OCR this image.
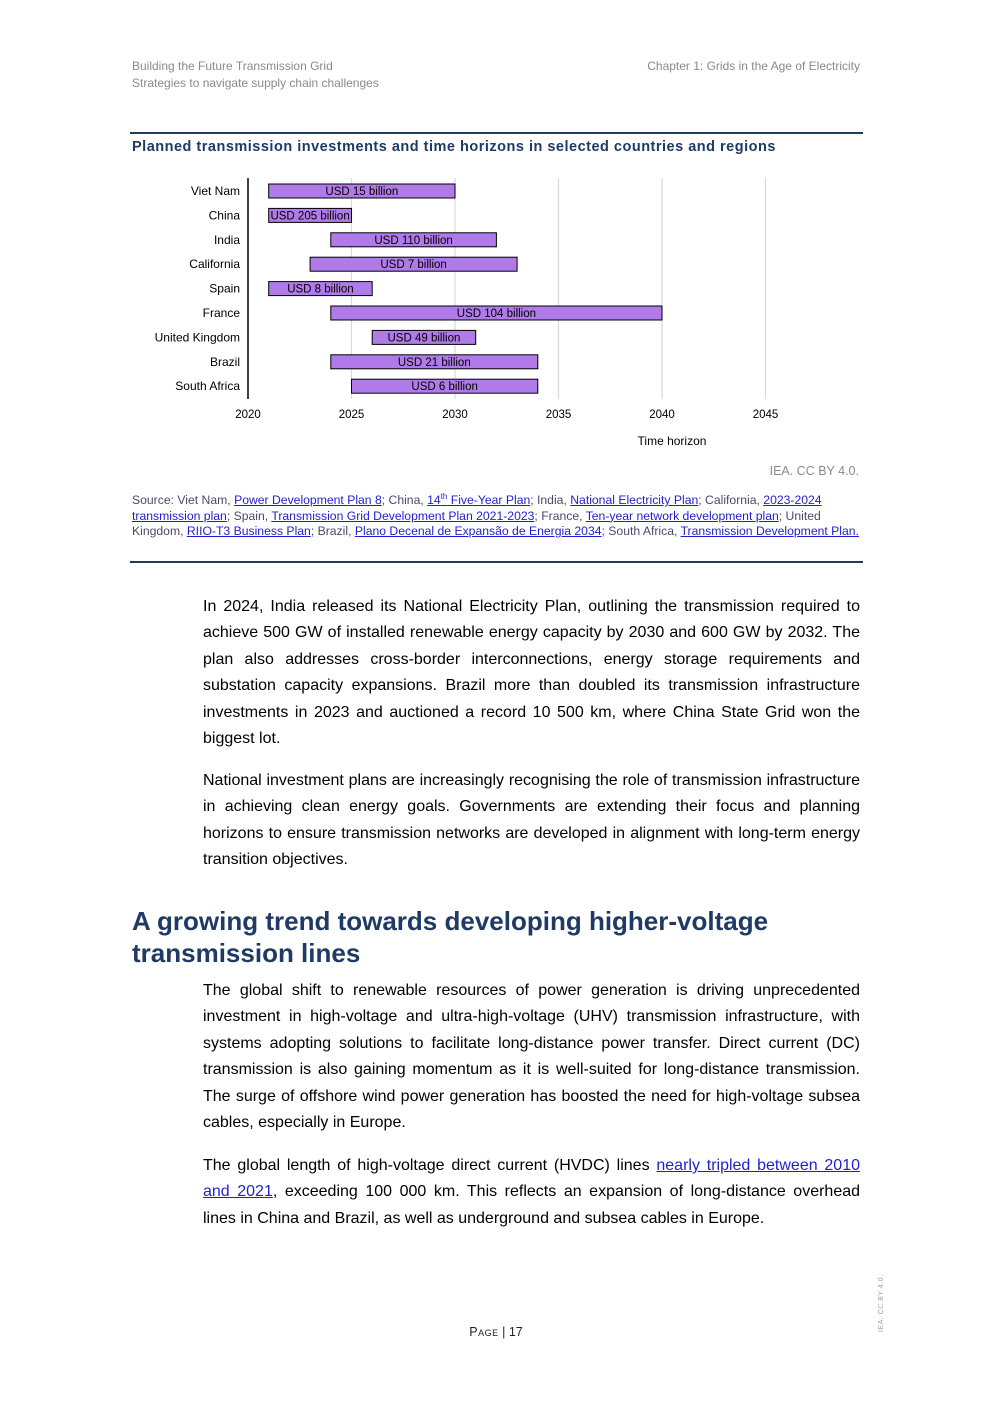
Building the Future Transmission Grid
Strategies to navigate supply chain challenges
Chapter 1: Grids in the Age of Electricity
Planned transmission investments and time horizons in selected countries and regions
2020	2025	2030	2035	2040	2045
Time horizon
Viet Nam	USD 15 billion
China	USD 205 billion
India	USD 110 billion
California	USD 7 billion
Spain	USD 8 billion
France	USD 104 billion
United Kingdom	USD 49 billion
Brazil	USD 21 billion
South Africa	USD 6 billion
IEA. CC BY 4.0.
Source: Viet Nam, Power Development Plan 8; China, 14th Five-Year Plan; India, National Electricity Plan; California, 2023-2024 transmission plan; Spain, Transmission Grid Development Plan 2021-2023; France, Ten-year network development plan; United Kingdom, RIIO-T3 Business Plan; Brazil, Plano Decenal de Expansão de Energia 2034; South Africa, Transmission Development Plan.

In 2024, India released its National Electricity Plan, outlining the transmission required to achieve 500 GW of installed renewable energy capacity by 2030 and 600 GW by 2032. The plan also addresses cross-border interconnections, energy storage requirements and substation capacity expansions. Brazil more than doubled its transmission infrastructure investments in 2023 and auctioned a record 10 500 km, where China State Grid won the biggest lot.

National investment plans are increasingly recognising the role of transmission infrastructure in achieving clean energy goals. Governments are extending their focus and planning horizons to ensure transmission networks are developed in alignment with long-term energy transition objectives.

A growing trend towards developing higher-voltage transmission lines

The global shift to renewable resources of power generation is driving unprecedented investment in high-voltage and ultra-high-voltage (UHV) transmission infrastructure, with systems adopting solutions to facilitate long-distance power transfer. Direct current (DC) transmission is also gaining momentum as it is well-suited for long-distance transmission. The surge of offshore wind power generation has boosted the need for high-voltage subsea cables, especially in Europe.

The global length of high-voltage direct current (HVDC) lines nearly tripled between 2010 and 2021, exceeding 100 000 km. This reflects an expansion of long-distance overhead lines in China and Brazil, as well as underground and subsea cables in Europe.

Page | 17	IEA. CC BY 4.0.
